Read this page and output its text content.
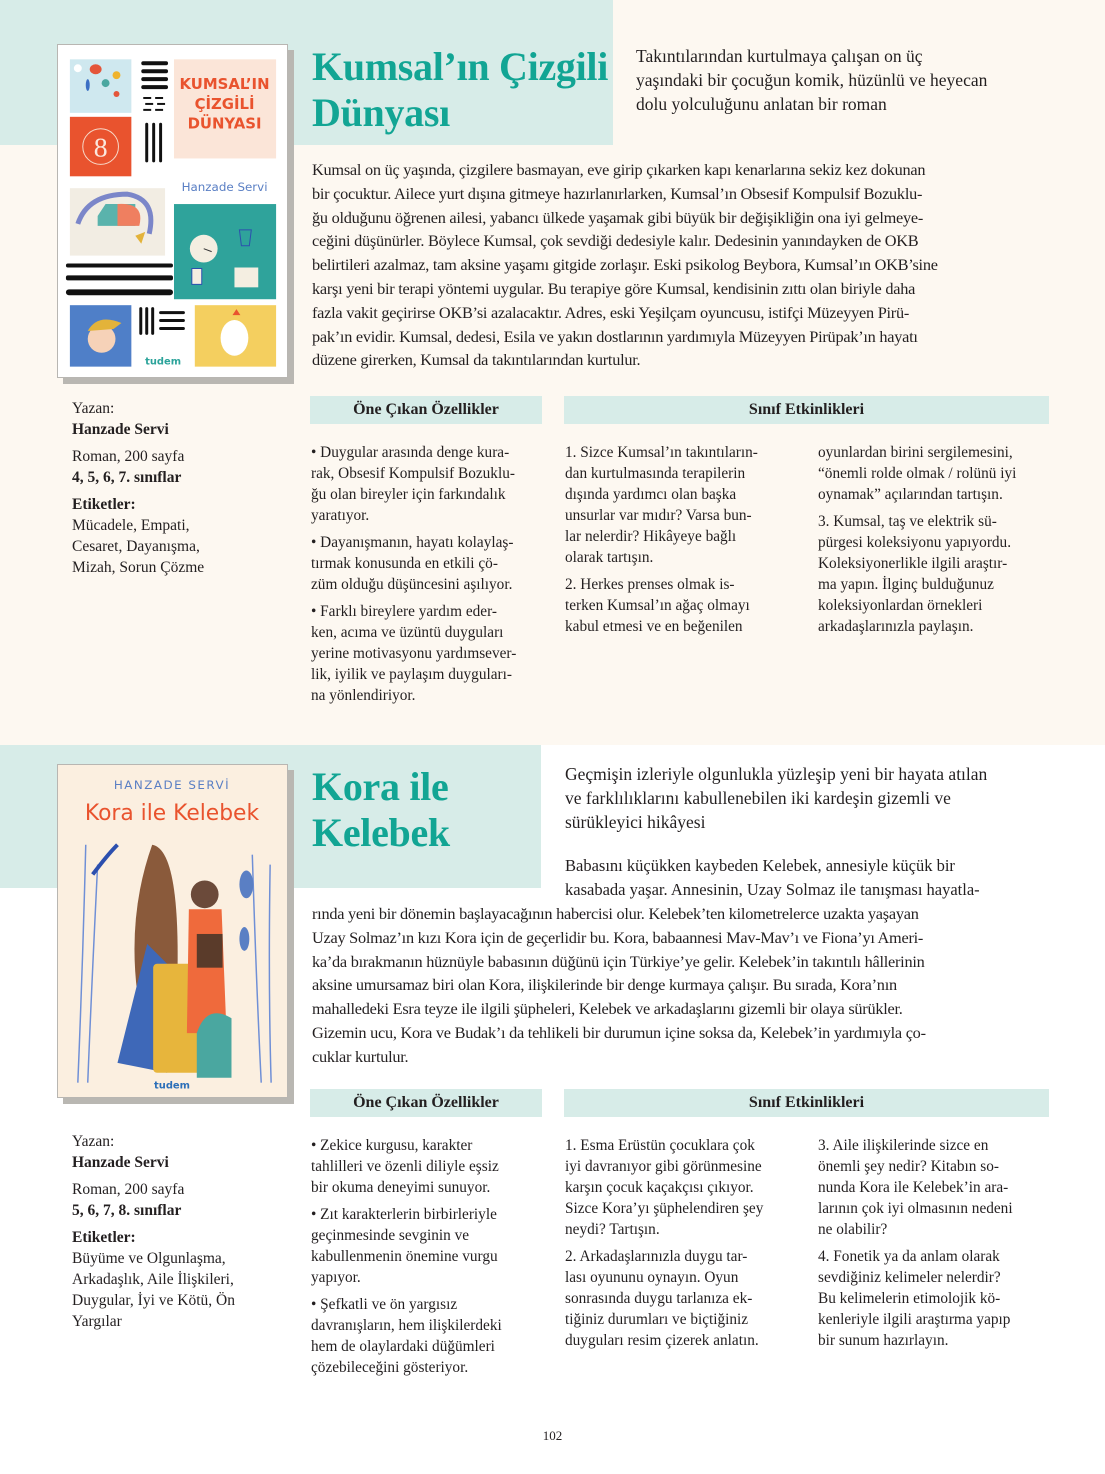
8
KUMSAL’IN
ÇİZGİLİ
DÜNYASI
Hanzade Servi
tudem
Kumsal’ın Çizgili
Dünyası
Takıntılarından kurtulmaya çalışan on üç
yaşındaki bir çocuğun komik, hüzünlü ve heyecan
dolu yolculuğunu anlatan bir roman
Kumsal on üç yaşında, çizgilere basmayan, eve girip çıkarken kapı kenarlarına sekiz kez dokunan
bir çocuktur. Ailece yurt dışına gitmeye hazırlanırlarken, Kumsal’ın Obsesif Kompulsif Bozuklu-
ğu olduğunu öğrenen ailesi, yabancı ülkede yaşamak gibi büyük bir değişikliğin ona iyi gelmeye-
ceğini düşünürler. Böylece Kumsal, çok sevdiği dedesiyle kalır. Dedesinin yanındayken de OKB
belirtileri azalmaz, tam aksine yaşamı gitgide zorlaşır. Eski psikolog Beybora, Kumsal’ın OKB’sine
karşı yeni bir terapi yöntemi uygular. Bu terapiye göre Kumsal, kendisinin zıttı olan biriyle daha
fazla vakit geçirirse OKB’si azalacaktır. Adres, eski Yeşilçam oyuncusu, istifçi Müzeyyen Pirü-
pak’ın evidir. Kumsal, dedesi, Esila ve yakın dostlarının yardımıyla Müzeyyen Pirüpak’ın hayatı
düzene girerken, Kumsal da takıntılarından kurtulur.
Yazan:
Hanzade Servi
Roman, 200 sayfa
4, 5, 6, 7. sınıflar
Etiketler:
Mücadele, Empati,
Cesaret, Dayanışma,
Mizah, Sorun Çözme
Öne Çıkan Özellikler	Sınıf Etkinlikleri

• Duygular arasında denge kura-
rak, Obsesif Kompulsif Bozuklu-
ğu olan bireyler için farkındalık
yaratıyor.

• Dayanışmanın, hayatı kolaylaş-
tırmak konusunda en etkili çö-
züm olduğu düşüncesini aşılıyor.

• Farklı bireylere yardım eder-
ken, acıma ve üzüntü duyguları
yerine motivasyonu yardımsever-
lik, iyilik ve paylaşım duyguları-
na yönlendiriyor.

1. Sizce Kumsal’ın takıntıların-
dan kurtulmasında terapilerin
dışında yardımcı olan başka
unsurlar var mıdır? Varsa bun-
lar nelerdir? Hikâyeye bağlı
olarak tartışın.

2. Herkes prenses olmak is-
terken Kumsal’ın ağaç olmayı
kabul etmesi ve en beğenilen

oyunlardan birini sergilemesini,
“önemli rolde olmak / rolünü iyi
oynamak” açılarından tartışın.

3. Kumsal, taş ve elektrik sü-
pürgesi koleksiyonu yapıyordu.
Koleksiyonerlikle ilgili araştır-
ma yapın. İlginç bulduğunuz
koleksiyonlardan örnekleri
arkadaşlarınızla paylaşın.

HANZADE SERVİ
Kora ile Kelebek
tudem
Kora ile
Kelebek
Geçmişin izleriyle olgunlukla yüzleşip yeni bir hayata atılan
ve farklılıklarını kabullenebilen iki kardeşin gizemli ve
sürükleyici hikâyesi
Babasını küçükken kaybeden Kelebek, annesiyle küçük bir
kasabada yaşar. Annesinin, Uzay Solmaz ile tanışması hayatla-
rında yeni bir dönemin başlayacağının habercisi olur. Kelebek’ten kilometrelerce uzakta yaşayan
Uzay Solmaz’ın kızı Kora için de geçerlidir bu. Kora, babaannesi Mav-Mav’ı ve Fiona’yı Ameri-
ka’da bırakmanın hüznüyle babasının düğünü için Türkiye’ye gelir. Kelebek’in takıntılı hâllerinin
aksine umursamaz biri olan Kora, ilişkilerinde bir denge kurmaya çalışır. Bu sırada, Kora’nın
mahalledeki Esra teyze ile ilgili şüpheleri, Kelebek ve arkadaşlarını gizemli bir olaya sürükler.
Gizemin ucu, Kora ve Budak’ı da tehlikeli bir durumun içine soksa da, Kelebek’in yardımıyla ço-
cuklar kurtulur.
Yazan:
Hanzade Servi
Roman, 200 sayfa
5, 6, 7, 8. sınıflar
Etiketler:
Büyüme ve Olgunlaşma,
Arkadaşlık, Aile İlişkileri,
Duygular, İyi ve Kötü, Ön
Yargılar
Öne Çıkan Özellikler	Sınıf Etkinlikleri

• Zekice kurgusu, karakter
tahlilleri ve özenli diliyle eşsiz
bir okuma deneyimi sunuyor.

• Zıt karakterlerin birbirleriyle
geçinmesinde sevginin ve
kabullenmenin önemine vurgu
yapıyor.

• Şefkatli ve ön yargısız
davranışların, hem ilişkilerdeki
hem de olaylardaki düğümleri
çözebileceğini gösteriyor.

1. Esma Erüstün çocuklara çok
iyi davranıyor gibi görünmesine
karşın çocuk kaçakçısı çıkıyor.
Sizce Kora’yı şüphelendiren şey
neydi? Tartışın.

2. Arkadaşlarınızla duygu tar-
lası oyununu oynayın. Oyun
sonrasında duygu tarlanıza ek-
tiğiniz durumları ve biçtiğiniz
duyguları resim çizerek anlatın.

3. Aile ilişkilerinde sizce en
önemli şey nedir? Kitabın so-
nunda Kora ile Kelebek’in ara-
larının çok iyi olmasının nedeni
ne olabilir?

4. Fonetik ya da anlam olarak
sevdiğiniz kelimeler nelerdir?
Bu kelimelerin etimolojik kö-
kenleriyle ilgili araştırma yapıp
bir sunum hazırlayın.

102
